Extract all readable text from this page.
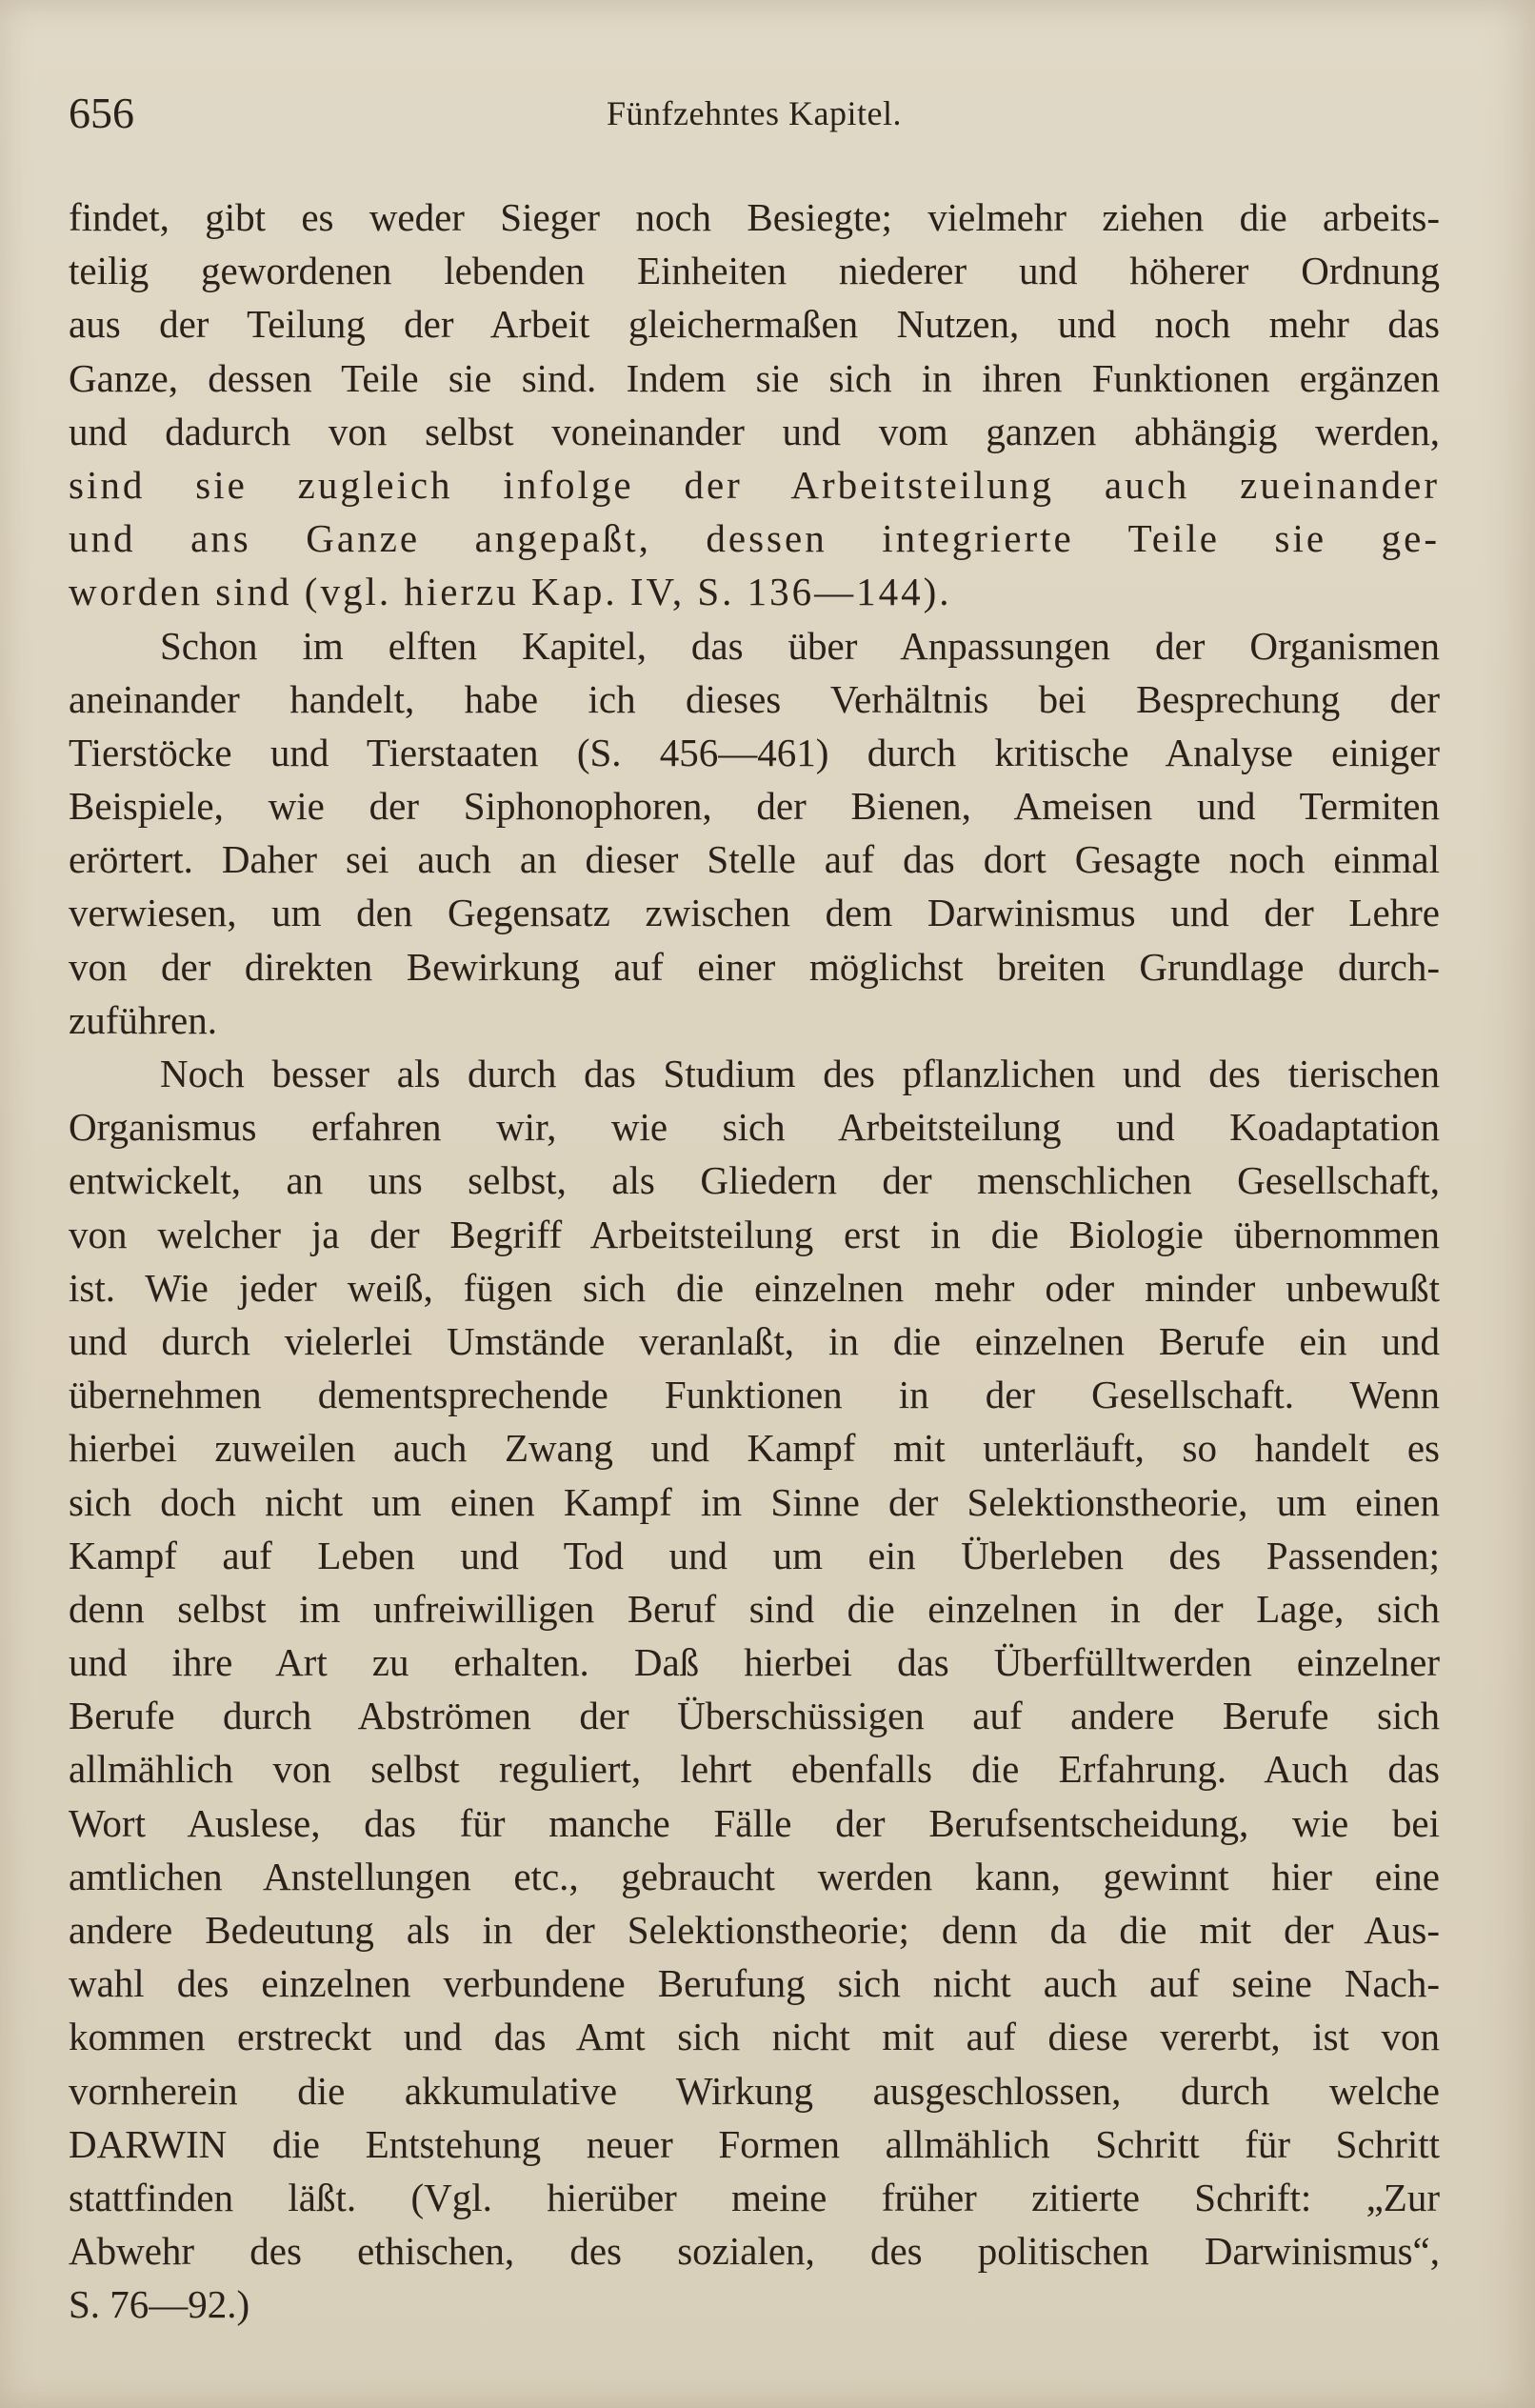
656	Fünfzehntes Kapitel.
findet, gibt es weder Sieger noch Besiegte; vielmehr ziehen die arbeits-
teilig gewordenen lebenden Einheiten niederer und höherer Ordnung
aus der Teilung der Arbeit gleichermaßen Nutzen, und noch mehr das
Ganze, dessen Teile sie sind. Indem sie sich in ihren Funktionen ergänzen
und dadurch von selbst voneinander und vom ganzen abhängig werden,
sind sie zugleich infolge der Arbeitsteilung auch zueinander
und ans Ganze angepaßt, dessen integrierte Teile sie ge-
worden sind (vgl. hierzu Kap. IV, S. 136—144).
Schon im elften Kapitel, das über Anpassungen der Organismen
aneinander handelt, habe ich dieses Verhältnis bei Besprechung der
Tierstöcke und Tierstaaten (S. 456—461) durch kritische Analyse einiger
Beispiele, wie der Siphonophoren, der Bienen, Ameisen und Termiten
erörtert. Daher sei auch an dieser Stelle auf das dort Gesagte noch einmal
verwiesen, um den Gegensatz zwischen dem Darwinismus und der Lehre
von der direkten Bewirkung auf einer möglichst breiten Grundlage durch-
zuführen.
Noch besser als durch das Studium des pflanzlichen und des tierischen
Organismus erfahren wir, wie sich Arbeitsteilung und Koadaptation
entwickelt, an uns selbst, als Gliedern der menschlichen Gesellschaft,
von welcher ja der Begriff Arbeitsteilung erst in die Biologie übernommen
ist. Wie jeder weiß, fügen sich die einzelnen mehr oder minder unbewußt
und durch vielerlei Umstände veranlaßt, in die einzelnen Berufe ein und
übernehmen dementsprechende Funktionen in der Gesellschaft. Wenn
hierbei zuweilen auch Zwang und Kampf mit unterläuft, so handelt es
sich doch nicht um einen Kampf im Sinne der Selektionstheorie, um einen
Kampf auf Leben und Tod und um ein Überleben des Passenden;
denn selbst im unfreiwilligen Beruf sind die einzelnen in der Lage, sich
und ihre Art zu erhalten. Daß hierbei das Überfülltwerden einzelner
Berufe durch Abströmen der Überschüssigen auf andere Berufe sich
allmählich von selbst reguliert, lehrt ebenfalls die Erfahrung. Auch das
Wort Auslese, das für manche Fälle der Berufsentscheidung, wie bei
amtlichen Anstellungen etc., gebraucht werden kann, gewinnt hier eine
andere Bedeutung als in der Selektionstheorie; denn da die mit der Aus-
wahl des einzelnen verbundene Berufung sich nicht auch auf seine Nach-
kommen erstreckt und das Amt sich nicht mit auf diese vererbt, ist von
vornherein die akkumulative Wirkung ausgeschlossen, durch welche
DARWIN die Entstehung neuer Formen allmählich Schritt für Schritt
stattfinden läßt. (Vgl. hierüber meine früher zitierte Schrift: „Zur
Abwehr des ethischen, des sozialen, des politischen Darwinismus“,
S. 76—92.)
